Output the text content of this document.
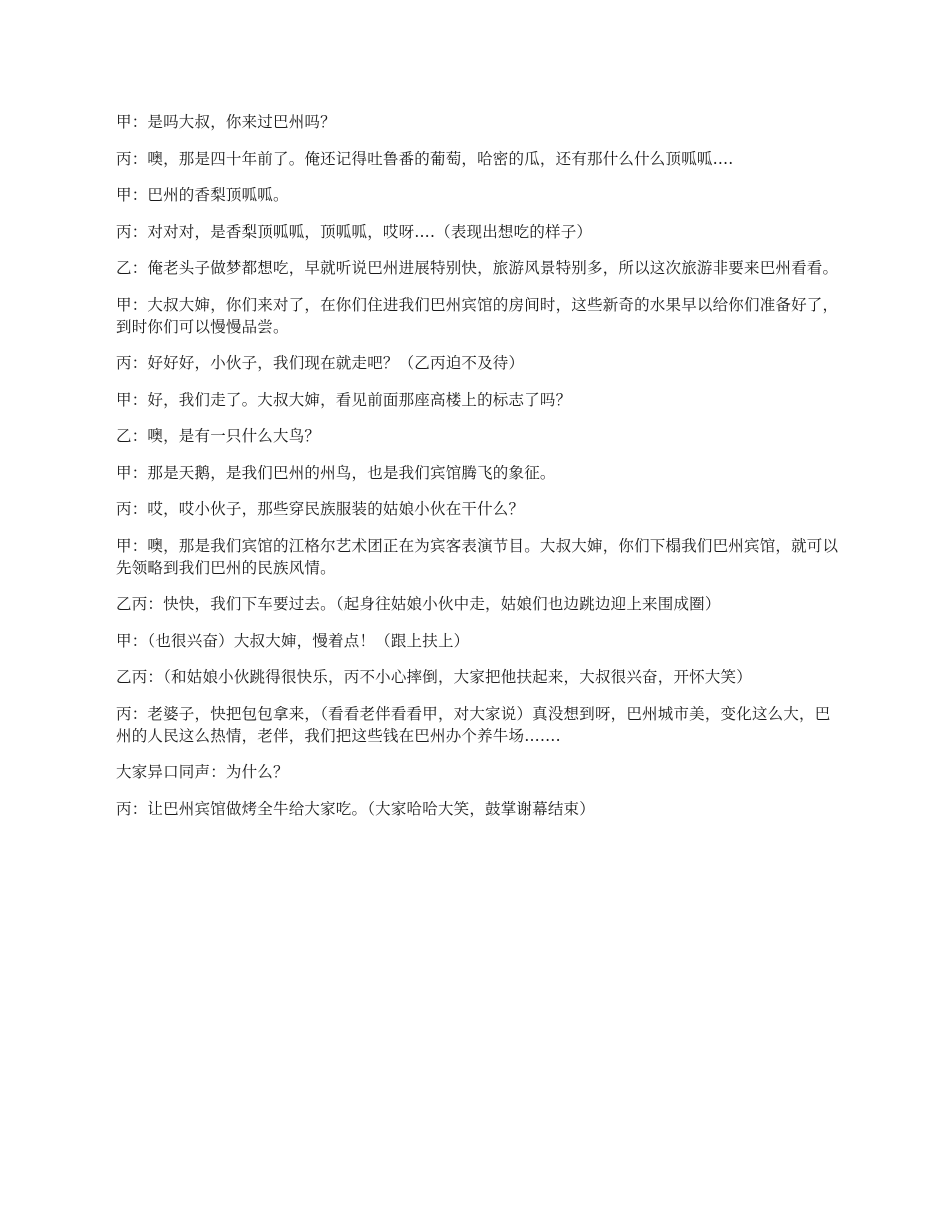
甲：是吗大叔，你来过巴州吗？

丙：噢，那是四十年前了。俺还记得吐鲁番的葡萄，哈密的瓜，还有那什么什么顶呱呱….

甲：巴州的香梨顶呱呱。

丙：对对对，是香梨顶呱呱，顶呱呱，哎呀….（表现出想吃的样子）

乙：俺老头子做梦都想吃，早就听说巴州进展特别快，旅游风景特别多，所以这次旅游非要来巴州看看。

甲：大叔大婶，你们来对了，在你们住进我们巴州宾馆的房间时，这些新奇的水果早以给你们准备好了，到时你们可以慢慢品尝。

丙：好好好，小伙子，我们现在就走吧？（乙丙迫不及待）

甲：好，我们走了。大叔大婶，看见前面那座高楼上的标志了吗？

乙：噢，是有一只什么大鸟？

甲：那是天鹅，是我们巴州的州鸟，也是我们宾馆腾飞的象征。

丙：哎，哎小伙子，那些穿民族服装的姑娘小伙在干什么？

甲：噢，那是我们宾馆的江格尔艺术团正在为宾客表演节目。大叔大婶，你们下榻我们巴州宾馆，就可以先领略到我们巴州的民族风情。

乙丙：快快，我们下车要过去。（起身往姑娘小伙中走，姑娘们也边跳边迎上来围成圈）

甲：（也很兴奋）大叔大婶，慢着点！（跟上扶上）

乙丙：（和姑娘小伙跳得很快乐，丙不小心摔倒，大家把他扶起来，大叔很兴奋，开怀大笑）

丙：老婆子，快把包包拿来，（看看老伴看看甲，对大家说）真没想到呀，巴州城市美，变化这么大，巴州的人民这么热情，老伴，我们把这些钱在巴州办个养牛场…….

大家异口同声：为什么？

丙：让巴州宾馆做烤全牛给大家吃。（大家哈哈大笑，鼓掌谢幕结束）
